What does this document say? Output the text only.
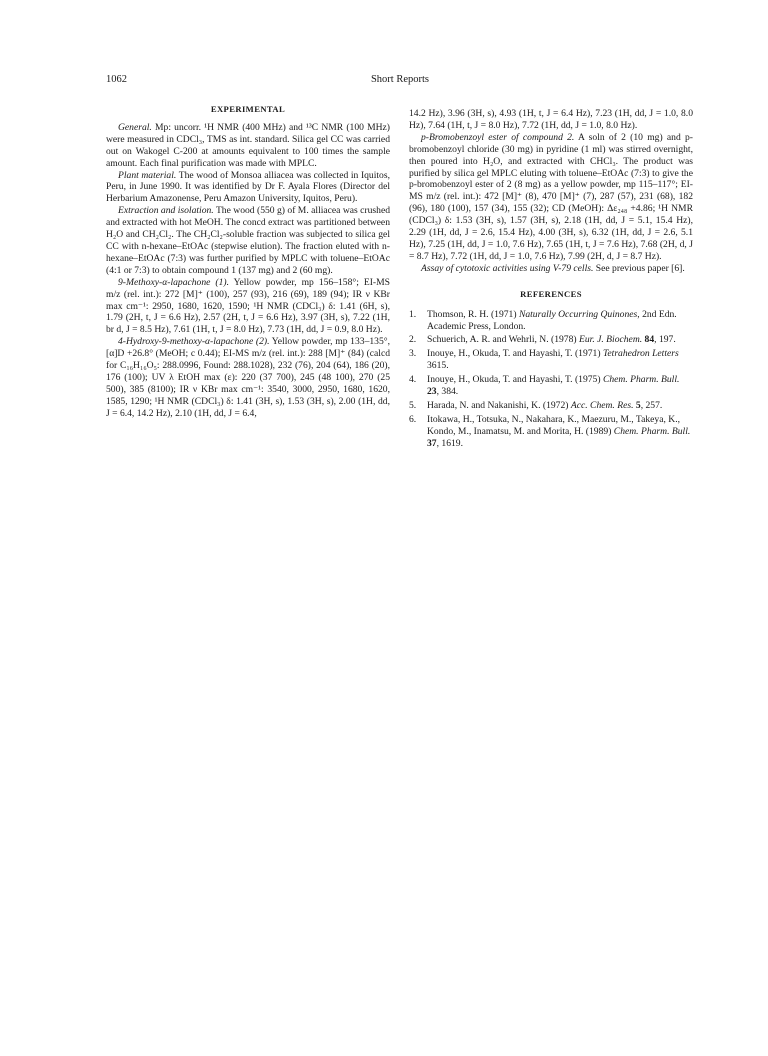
1062	Short Reports
EXPERIMENTAL

General. Mp: uncorr. ¹H NMR (400 MHz) and ¹³C NMR (100 MHz) were measured in CDCl₃, TMS as int. standard. Silica gel CC was carried out on Wakogel C-200 at amounts equivalent to 100 times the sample amount. Each final purification was made with MPLC.

Plant material. The wood of Monsoa alliacea was collected in Iquitos, Peru, in June 1990. It was identified by Dr F. Ayala Flores (Director del Herbarium Amazonense, Peru Amazon University, Iquitos, Peru).

Extraction and isolation. The wood (550 g) of M. alliacea was crushed and extracted with hot MeOH. The concd extract was partitioned between H₂O and CH₂Cl₂. The CH₂Cl₂-soluble fraction was subjected to silica gel CC with n-hexane–EtOAc (stepwise elution). The fraction eluted with n-hexane–EtOAc (7:3) was further purified by MPLC with toluene–EtOAc (4:1 or 7:3) to obtain compound 1 (137 mg) and 2 (60 mg).

9-Methoxy-α-lapachone (1). Yellow powder, mp 156–158°; EI-MS m/z (rel. int.): 272 [M]⁺ (100), 257 (93), 216 (69), 189 (94); IR ν KBr max cm⁻¹: 2950, 1680, 1620, 1590; ¹H NMR (CDCl₃) δ: 1.41 (6H, s), 1.79 (2H, t, J = 6.6 Hz), 2.57 (2H, t, J = 6.6 Hz), 3.97 (3H, s), 7.22 (1H, br d, J = 8.5 Hz), 7.61 (1H, t, J = 8.0 Hz), 7.73 (1H, dd, J = 0.9, 8.0 Hz).

4-Hydroxy-9-methoxy-α-lapachone (2). Yellow powder, mp 133–135°, [α]D +26.8° (MeOH; c 0.44); EI-MS m/z (rel. int.): 288 [M]⁺ (84) (calcd for C₁₆H₁₆O₅: 288.0996, Found: 288.1028), 232 (76), 204 (64), 186 (20), 176 (100); UV λ EtOH max (ε): 220 (37 700), 245 (48 100), 270 (25 500), 385 (8100); IR ν KBr max cm⁻¹: 3540, 3000, 2950, 1680, 1620, 1585, 1290; ¹H NMR (CDCl₃) δ: 1.41 (3H, s), 1.53 (3H, s), 2.00 (1H, dd, J = 6.4, 14.2 Hz), 2.10 (1H, dd, J = 6.4,

14.2 Hz), 3.96 (3H, s), 4.93 (1H, t, J = 6.4 Hz), 7.23 (1H, dd, J = 1.0, 8.0 Hz), 7.64 (1H, t, J = 8.0 Hz), 7.72 (1H, dd, J = 1.0, 8.0 Hz).

p-Bromobenzoyl ester of compound 2. A soln of 2 (10 mg) and p-bromobenzoyl chloride (30 mg) in pyridine (1 ml) was stirred overnight, then poured into H₂O, and extracted with CHCl₃. The product was purified by silica gel MPLC eluting with toluene–EtOAc (7:3) to give the p-bromobenzoyl ester of 2 (8 mg) as a yellow powder, mp 115–117°; EI-MS m/z (rel. int.): 472 [M]⁺ (8), 470 [M]⁺ (7), 287 (57), 231 (68), 182 (96), 180 (100), 157 (34), 155 (32); CD (MeOH): Δε₂₄₈ +4.86; ¹H NMR (CDCl₃) δ: 1.53 (3H, s), 1.57 (3H, s), 2.18 (1H, dd, J = 5.1, 15.4 Hz), 2.29 (1H, dd, J = 2.6, 15.4 Hz), 4.00 (3H, s), 6.32 (1H, dd, J = 2.6, 5.1 Hz), 7.25 (1H, dd, J = 1.0, 7.6 Hz), 7.65 (1H, t, J = 7.6 Hz), 7.68 (2H, d, J = 8.7 Hz), 7.72 (1H, dd, J = 1.0, 7.6 Hz), 7.99 (2H, d, J = 8.7 Hz).

Assay of cytotoxic activities using V-79 cells. See previous paper [6].

REFERENCES
1. Thomson, R. H. (1971) Naturally Occurring Quinones, 2nd Edn. Academic Press, London.
2. Schuerich, A. R. and Wehrli, N. (1978) Eur. J. Biochem. 84, 197.
3. Inouye, H., Okuda, T. and Hayashi, T. (1971) Tetrahedron Letters 3615.
4. Inouye, H., Okuda, T. and Hayashi, T. (1975) Chem. Pharm. Bull. 23, 384.
5. Harada, N. and Nakanishi, K. (1972) Acc. Chem. Res. 5, 257.
6. Itokawa, H., Totsuka, N., Nakahara, K., Maezuru, M., Takeya, K., Kondo, M., Inamatsu, M. and Morita, H. (1989) Chem. Pharm. Bull. 37, 1619.
